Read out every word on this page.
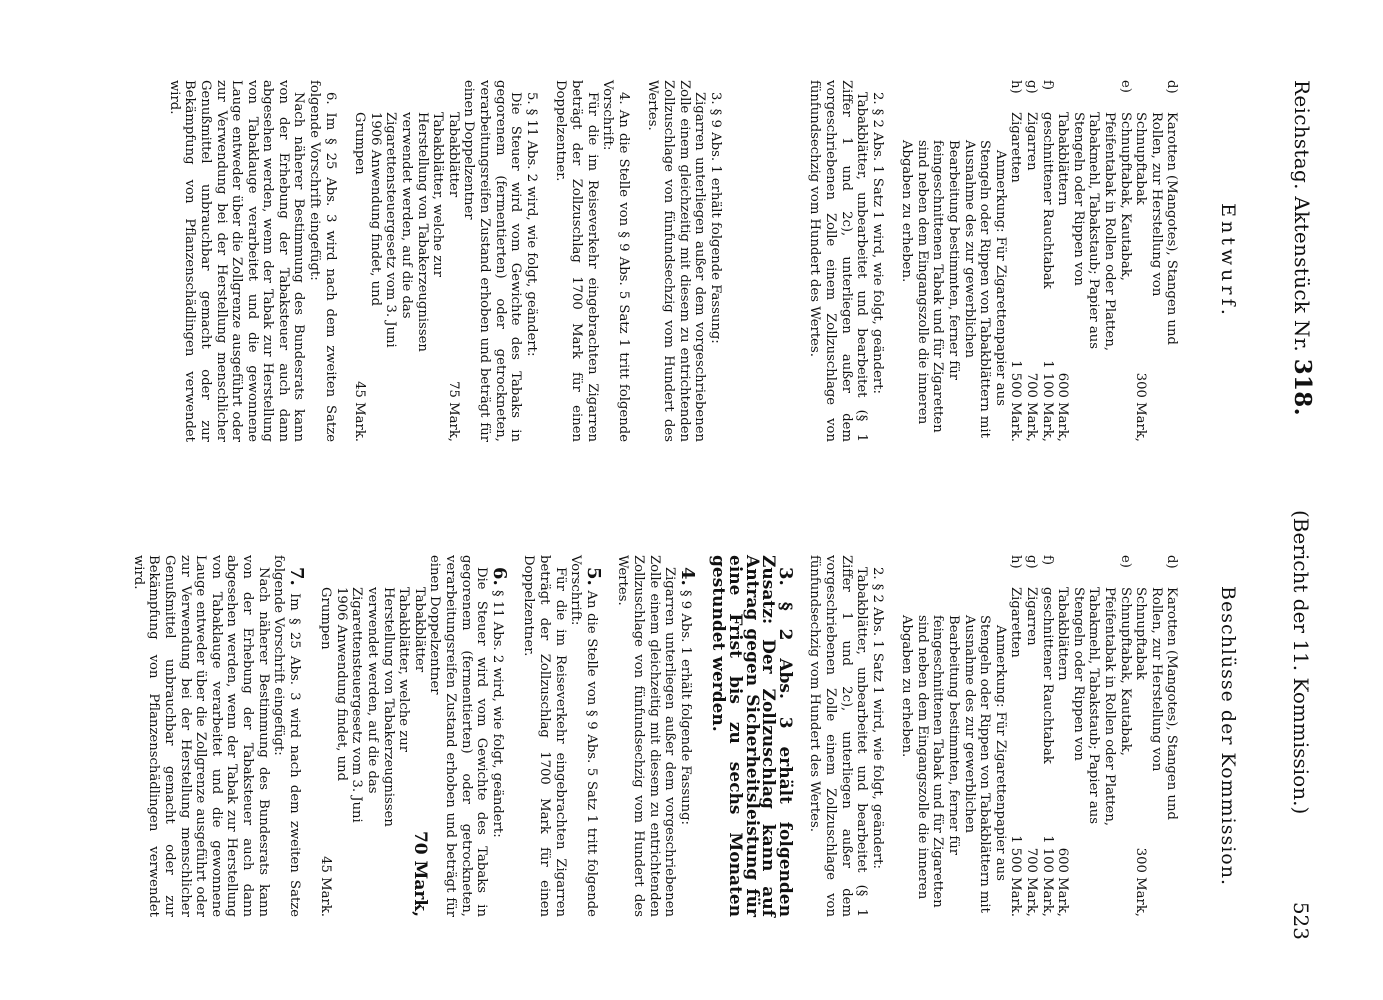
Reichstag. Aktenstück Nr. 318.
(Bericht der 11. Kommission.)
523
Entwurf.

d)
Karotten (Mangotes), Stangen und Rollen, zur Herstellung von Schnupftabak
300 Mark,

e)
Schnupftabak, Kautabak, Pfeifentabak in Rollen oder Platten, Tabakmehl, Tabakstaub; Papier aus Stengeln oder Rippen von Tabakblättern
600 Mark,

f)
geschnittener Rauchtabak
1 100 Mark,

g)
Zigarren
700 Mark,

h)
Zigaretten
1 500 Mark.

Anmerkung: Für Zigarettenpapier aus Stengeln oder Rippen von Tabakblättern mit Ausnahme des zur gewerblichen Bearbeitung bestimmten, ferner für feingeschnittenen Tabak und für Zigaretten sind neben dem Eingangszolle die inneren Abgaben zu erheben.

2. § 2 Abs. 1 Satz 1 wird, wie folgt, geändert:

Tabakblätter, unbearbeitet und bearbeitet (§ 1 Ziffer 1 und 2c), unterliegen außer dem vorgeschriebenen Zolle einem Zollzuschlage von fünfundsechzig vom Hundert des Wertes.

3. § 9 Abs. 1 erhält folgende Fassung:

Zigarren unterliegen außer dem vorgeschriebenen Zolle einem gleichzeitig mit diesem zu entrichtenden Zollzuschlage von fünfundsechzig vom Hundert des Wertes.

4. An die Stelle von § 9 Abs. 5 Satz 1 tritt folgende Vorschrift:

Für die im Reiseverkehr eingebrachten Zigarren beträgt der Zollzuschlag 1700 Mark für einen Doppelzentner.

5. § 11 Abs. 2 wird, wie folgt, geändert:

Die Steuer wird vom Gewichte des Tabaks in gegorenem (fermentierten) oder getrockneten, verarbeitungsreifen Zustand erhoben und beträgt für einen Doppelzentner

Tabakblätter
75 Mark,
Tabakblätter, welche zur Herstellung von Tabakerzeugnissen verwendet werden, auf die das Zigarettensteuergesetz vom 3. Juni 1906 Anwendung findet, und Grumpen
45 Mark.

6. Im § 25 Abs. 3 wird nach dem zweiten Satze folgende Vorschrift eingefügt:

Nach näherer Bestimmung des Bundesrats kann von der Erhebung der Tabaksteuer auch dann abgesehen werden, wenn der Tabak zur Herstellung von Tabaklauge verarbeitet und die gewonnene Lauge entweder über die Zollgrenze ausgeführt oder zur Verwendung bei der Herstellung menschlicher Genußmittel unbrauchbar gemacht oder zur Bekämpfung von Pflanzenschädlingen verwendet wird.

Beschlüsse der Kommission.

d)
Karotten (Mangotes), Stangen und Rollen, zur Herstellung von Schnupftabak
300 Mark,

e)
Schnupftabak, Kautabak, Pfeifentabak in Rollen oder Platten, Tabakmehl, Tabakstaub; Papier aus Stengeln oder Rippen von Tabakblättern
600 Mark,

f)
geschnittener Rauchtabak
1 100 Mark,

g)
Zigarren
700 Mark,

h)
Zigaretten
1 500 Mark.

Anmerkung: Für Zigarettenpapier aus Stengeln oder Rippen von Tabakblättern mit Ausnahme des zur gewerblichen Bearbeitung bestimmten, ferner für feingeschnittenen Tabak und für Zigaretten sind neben dem Eingangszolle die inneren Abgaben zu erheben.

2. § 2 Abs. 1 Satz 1 wird, wie folgt, geändert:

Tabakblätter, unbearbeitet und bearbeitet (§ 1 Ziffer 1 und 2c), unterliegen außer dem vorgeschriebenen Zolle einem Zollzuschlage von fünfundsechzig vom Hundert des Wertes.

3. § 2 Abs. 3 erhält folgenden Zusatz: Der Zollzuschlag kann auf Antrag gegen Sicherheitsleistung für eine Frist bis zu sechs Monaten gestundet werden.

4. § 9 Abs. 1 erhält folgende Fassung:

Zigarren unterliegen außer dem vorgeschriebenen Zolle einem gleichzeitig mit diesem zu entrichtenden Zollzuschlage von fünfundsechzig vom Hundert des Wertes.

5. An die Stelle von § 9 Abs. 5 Satz 1 tritt folgende Vorschrift:

Für die im Reiseverkehr eingebrachten Zigarren beträgt der Zollzuschlag 1700 Mark für einen Doppelzentner.

6. § 11 Abs. 2 wird, wie folgt, geändert:

Die Steuer wird vom Gewichte des Tabaks in gegorenem (fermentierten) oder getrockneten, verarbeitungsreifen Zustand erhoben und beträgt für einen Doppelzentner

Tabakblätter
70 Mark,
Tabakblätter, welche zur Herstellung von Tabakerzeugnissen verwendet werden, auf die das Zigarettensteuergesetz vom 3. Juni 1906 Anwendung findet, und Grumpen
45 Mark.

7. Im § 25 Abs. 3 wird nach dem zweiten Satze folgende Vorschrift eingefügt:

Nach näherer Bestimmung des Bundesrats kann von der Erhebung der Tabaksteuer auch dann abgesehen werden, wenn der Tabak zur Herstellung von Tabaklauge verarbeitet und die gewonnene Lauge entweder über die Zollgrenze ausgeführt oder zur Verwendung bei der Herstellung menschlicher Genußmittel unbrauchbar gemacht oder zur Bekämpfung von Pflanzenschädlingen verwendet wird.
